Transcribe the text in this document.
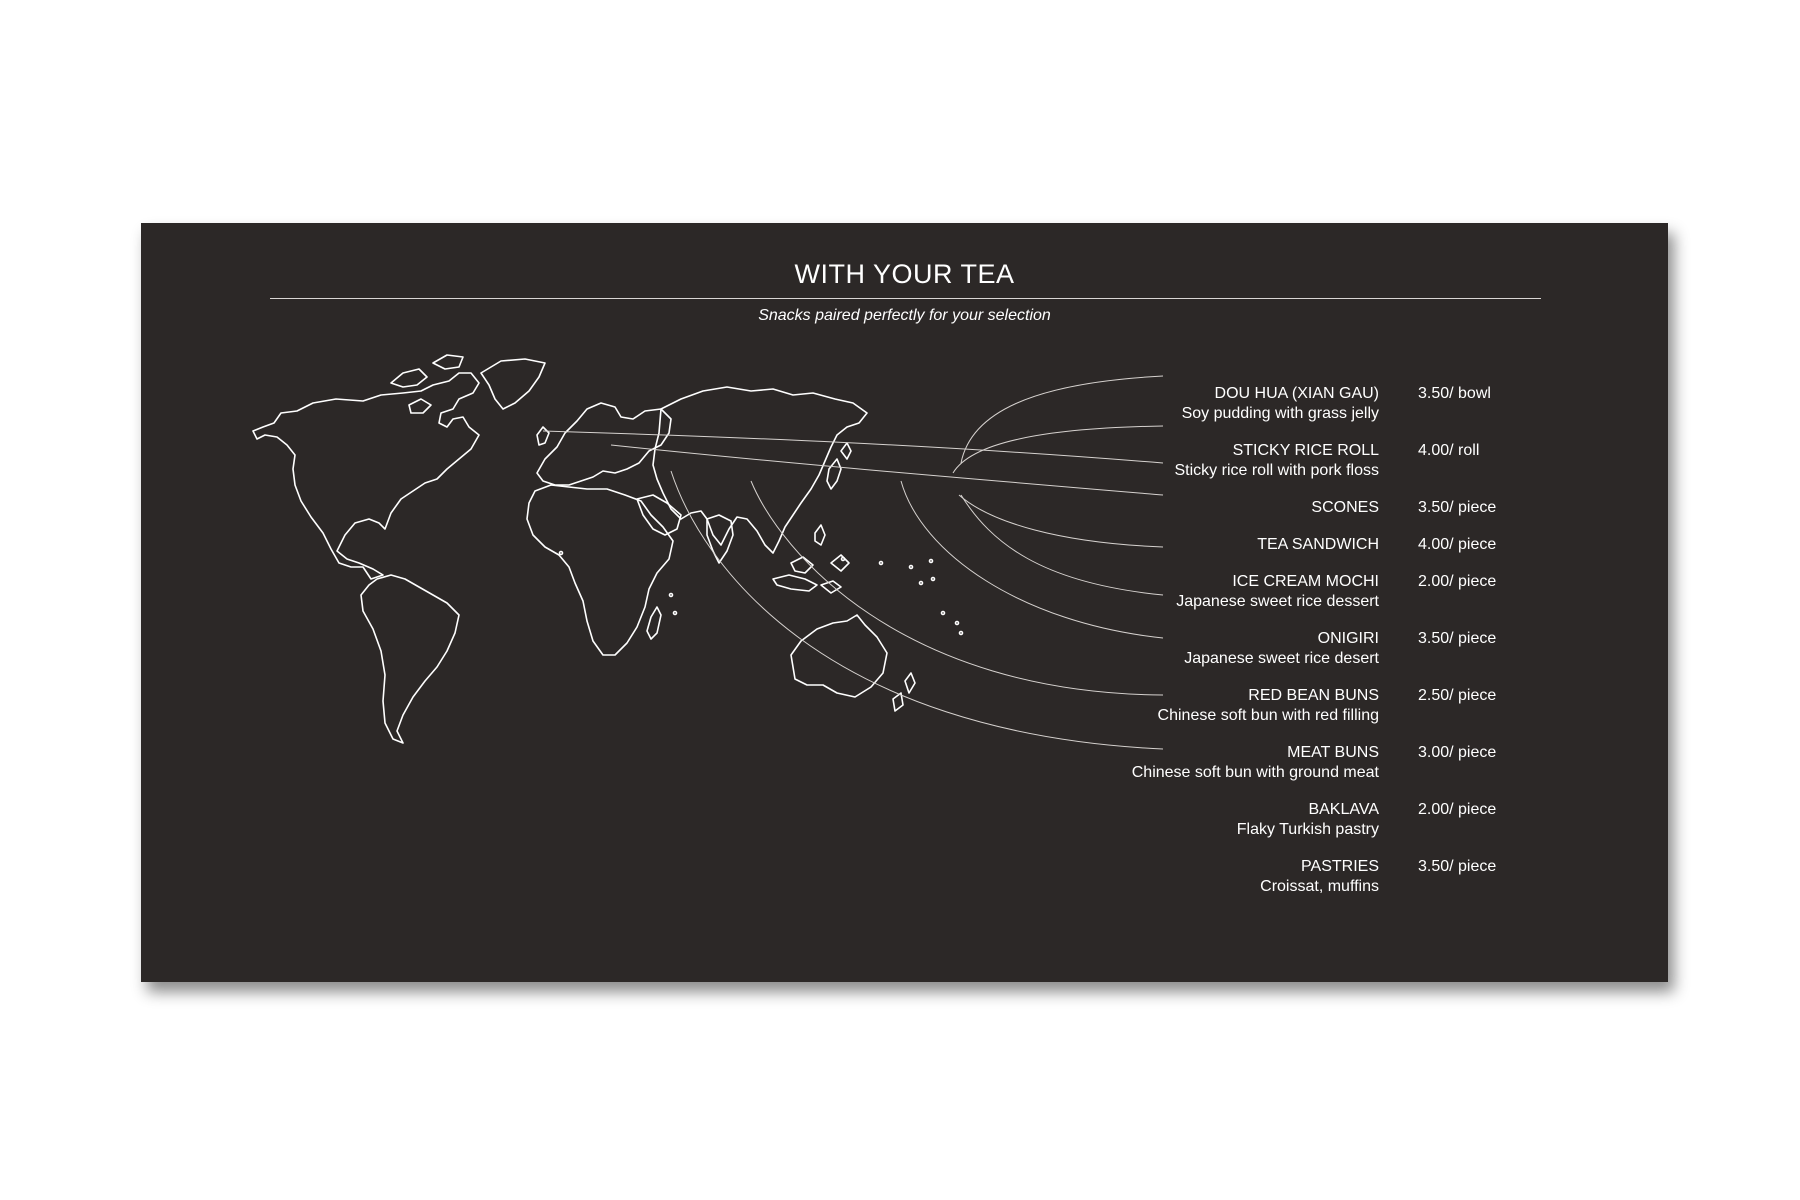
WITH YOUR TEA
Snacks paired perfectly for your selection
DOU HUA (XIAN GAU)
Soy pudding with grass jelly
3.50/ bowl
STICKY RICE ROLL
Sticky rice roll with pork floss
4.00/ roll
SCONES 3.50/ piece
TEA SANDWICH 4.00/ piece
ICE CREAM MOCHI
Japanese sweet rice dessert
2.00/ piece
ONIGIRI
Japanese sweet rice desert
3.50/ piece
RED BEAN BUNS
Chinese soft bun with red filling
2.50/ piece
MEAT BUNS
Chinese soft bun with ground meat
3.00/ piece
BAKLAVA
Flaky Turkish pastry
2.00/ piece
PASTRIES
Croissat, muffins
3.50/ piece
